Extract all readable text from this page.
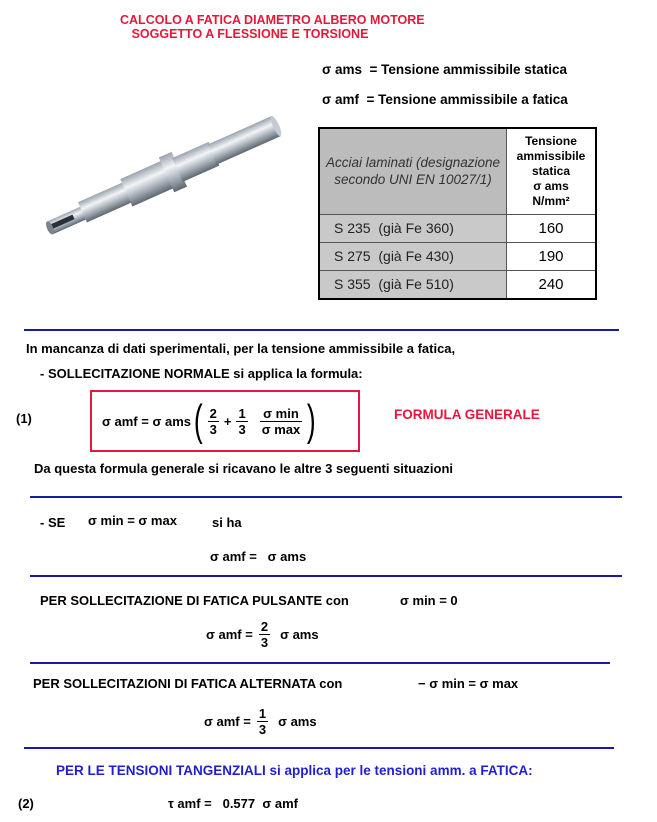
CALCOLO A FATICA DIAMETRO ALBERO MOTORE
SOGGETTO A FLESSIONE E TORSIONE
σ ams = Tensione ammissibile statica
σ amf = Tensione ammissibile a fatica
Acciai laminati (designazione secondo UNI EN 10027/1)	Tensione
ammissibile
statica
σ ams
N/mm²

S 235 (già Fe 360)	160
S 275 (già Fe 430)	190
S 355 (già Fe 510)	240
In mancanza di dati sperimentali, per la tensione ammissibile a fatica,
- SOLLECITAZIONE NORMALE si applica la formula:
(1)	σ amf =
σ ams ( $\frac{2}{3} + \frac{1}{3} \frac{\text{σ min}}{\text{σ max}}$ )	FORMULA GENERALE
Da questa formula generale si ricavano le altre 3 seguenti situazioni
- SE σ min = σ max	si ha
σ amf = σ ams
PER SOLLECITAZIONE DI FATICA PULSANTE con	σ min = 0
σ amf = $\frac{2}{3}$ σ ams
PER SOLLECITAZIONI DI FATICA ALTERNATA con	− σ min = σ max
σ amf = $\frac{1}{3}$ σ ams
PER LE TENSIONI TANGENZIALI si applica per le tensioni amm. a FATICA:
(2)	τ amf = 0.577 σ amf
